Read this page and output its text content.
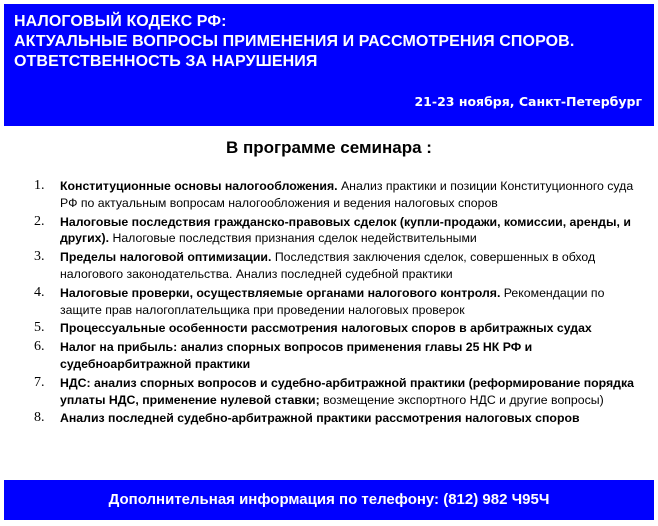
НАЛОГОВЫЙ КОДЕКС РФ:
АКТУАЛЬНЫЕ ВОПРОСЫ ПРИМЕНЕНИЯ И РАССМОТРЕНИЯ СПОРОВ.
ОТВЕТСТВЕННОСТЬ ЗА НАРУШЕНИЯ
21-23 ноября, Санкт-Петербург
В программе семинара :
1.	Конституционные основы налогообложения. Анализ практики и позиции Конституционного суда РФ по актуальным вопросам налогообложения и ведения налоговых споров
2.	Налоговые последствия гражданско-правовых сделок (купли-продажи, комиссии, аренды, и других). Налоговые последствия признания сделок недействительными
3.	Пределы налоговой оптимизации. Последствия заключения сделок, совершенных в обход налогового законодательства. Анализ последней судебной практики
4.	Налоговые проверки, осуществляемые органами налогового контроля. Рекомендации по защите прав налогоплательщика при проведении налоговых проверок
5.	Процессуальные особенности рассмотрения налоговых споров в арбитражных судах
6.	Налог на прибыль: анализ спорных вопросов применения главы 25 НК РФ и судебноарбитражной практики
7.	НДС: анализ спорных вопросов и судебно-арбитражной практики (реформирование порядка уплаты НДС, применение нулевой ставки; возмещение экспортного НДС и другие вопросы)
8.	Анализ последней судебно-арбитражной практики рассмотрения налоговых споров
Дополнительная информация по телефону: (812) 982 Ч95Ч
